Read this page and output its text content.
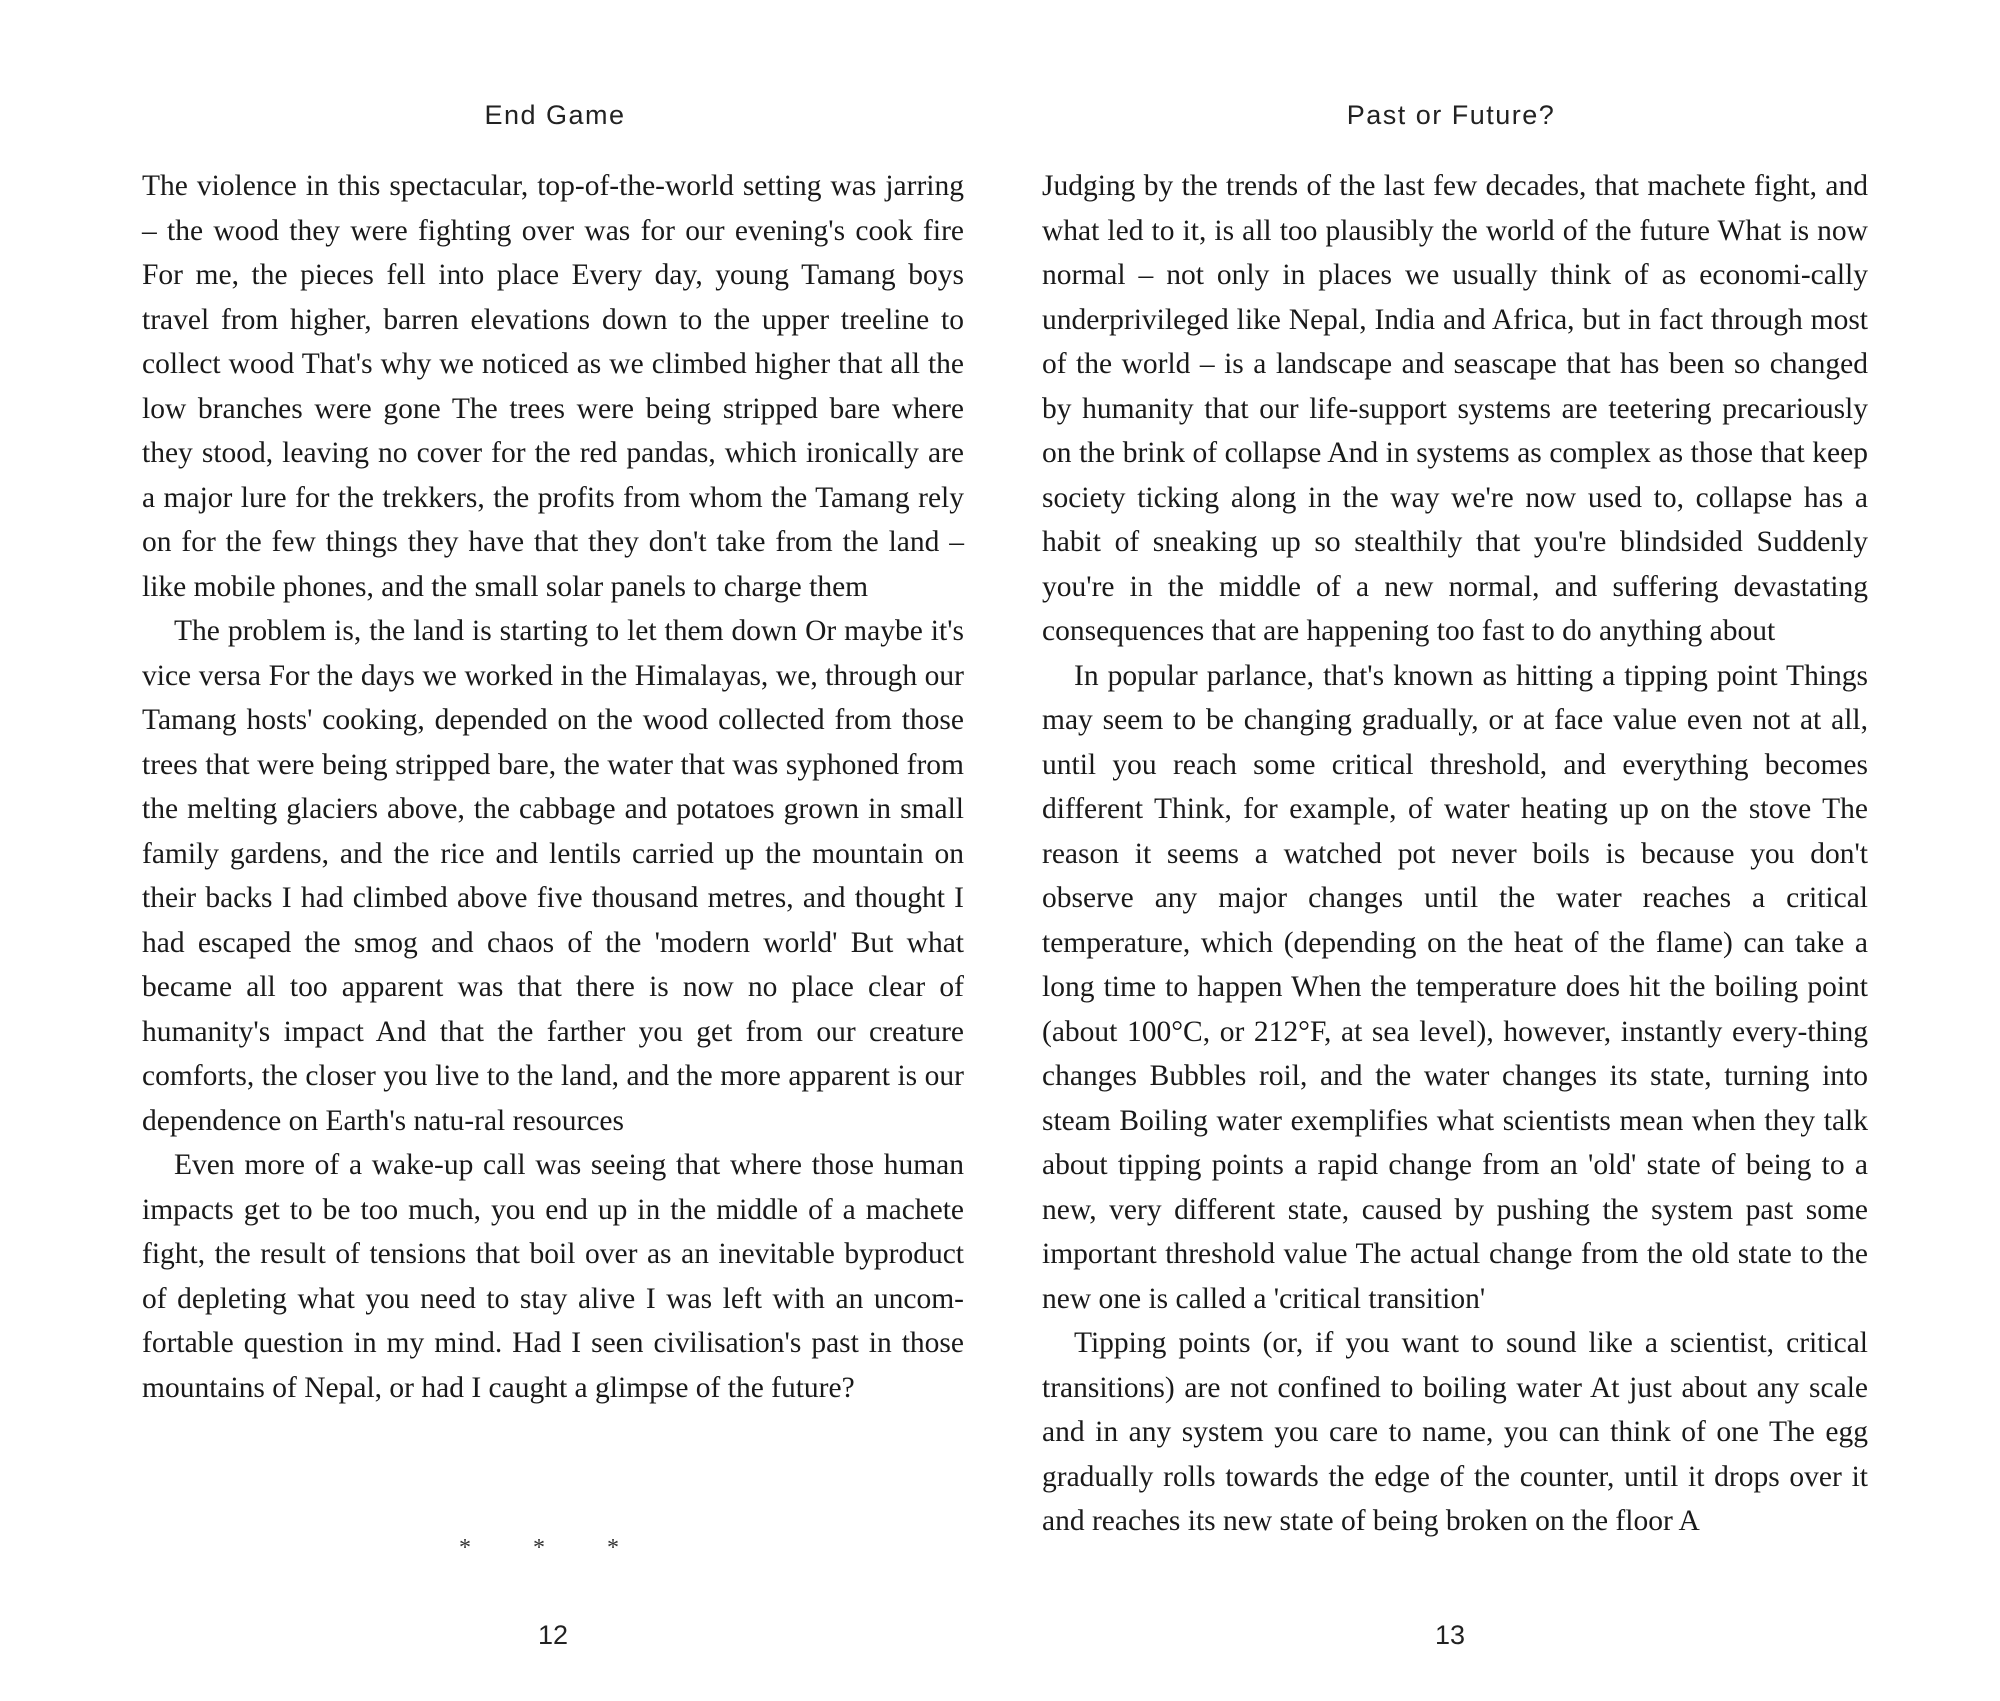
End Game

The violence in this spectacular, top-of-the-world setting was jarring – the wood they were fighting over was for our evening's cook fire For me, the pieces fell into place Every day, young Tamang boys travel from higher, barren elevations down to the upper treeline to collect wood That's why we noticed as we climbed higher that all the low branches were gone The trees were being stripped bare where they stood, leaving no cover for the red pandas, which ironically are a major lure for the trekkers, the profits from whom the Tamang rely on for the few things they have that they don't take from the land – like mobile phones, and the small solar panels to charge them

The problem is, the land is starting to let them down Or maybe it's vice versa For the days we worked in the Himalayas, we, through our Tamang hosts' cooking, depended on the wood collected from those trees that were being stripped bare, the water that was syphoned from the melting glaciers above, the cabbage and potatoes grown in small family gardens, and the rice and lentils carried up the mountain on their backs I had climbed above five thousand metres, and thought I had escaped the smog and chaos of the 'modern world' But what became all too apparent was that there is now no place clear of humanity's impact And that the farther you get from our creature comforts, the closer you live to the land, and the more apparent is our dependence on Earth's natu-ral resources

Even more of a wake-up call was seeing that where those human impacts get to be too much, you end up in the middle of a machete fight, the result of tensions that boil over as an inevitable byproduct of depleting what you need to stay alive I was left with an uncom-fortable question in my mind. Had I seen civilisation's past in those mountains of Nepal, or had I caught a glimpse of the future?

* * *
12
Past or Future?

Judging by the trends of the last few decades, that machete fight, and what led to it, is all too plausibly the world of the future What is now normal – not only in places we usually think of as economi-cally underprivileged like Nepal, India and Africa, but in fact through most of the world – is a landscape and seascape that has been so changed by humanity that our life-support systems are teetering precariously on the brink of collapse And in systems as complex as those that keep society ticking along in the way we're now used to, collapse has a habit of sneaking up so stealthily that you're blindsided Suddenly you're in the middle of a new normal, and suffering devastating consequences that are happening too fast to do anything about

In popular parlance, that's known as hitting a tipping point Things may seem to be changing gradually, or at face value even not at all, until you reach some critical threshold, and everything becomes different Think, for example, of water heating up on the stove The reason it seems a watched pot never boils is because you don't observe any major changes until the water reaches a critical temperature, which (depending on the heat of the flame) can take a long time to happen When the temperature does hit the boiling point (about 100°C, or 212°F, at sea level), however, instantly every-thing changes Bubbles roil, and the water changes its state, turning into steam Boiling water exemplifies what scientists mean when they talk about tipping points a rapid change from an 'old' state of being to a new, very different state, caused by pushing the system past some important threshold value The actual change from the old state to the new one is called a 'critical transition'

Tipping points (or, if you want to sound like a scientist, critical transitions) are not confined to boiling water At just about any scale and in any system you care to name, you can think of one The egg gradually rolls towards the edge of the counter, until it drops over it and reaches its new state of being broken on the floor A

13
